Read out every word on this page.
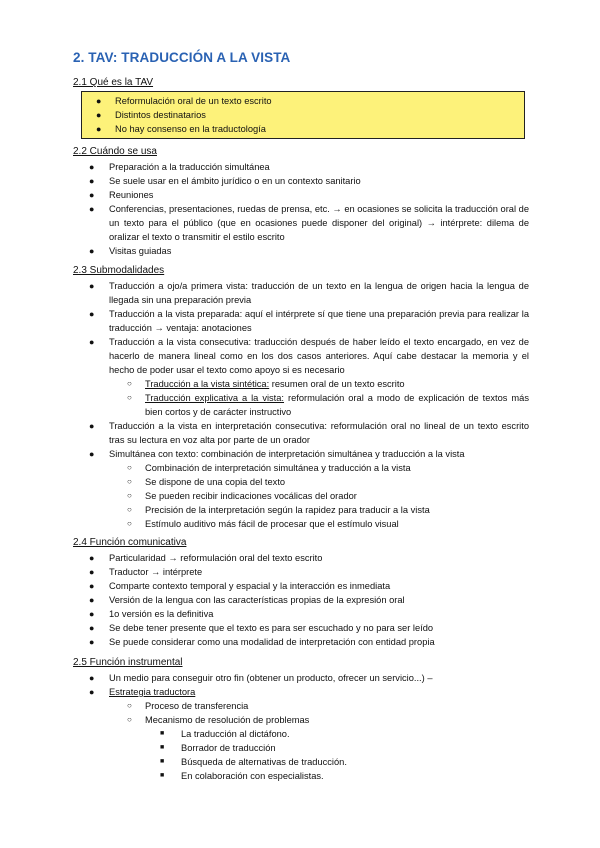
2. TAV: TRADUCCIÓN A LA VISTA
2.1 Qué es la TAV
● Reformulación oral de un texto escrito
● Distintos destinatarios
● No hay consenso en la traductología
2.2 Cuándo se usa
● Preparación a la traducción simultánea
● Se suele usar en el ámbito jurídico o en un contexto sanitario
● Reuniones
● Conferencias, presentaciones, ruedas de prensa, etc. → en ocasiones se solicita la traducción oral de un texto para el público (que en ocasiones puede disponer del original) → intérprete: dilema de oralizar el texto o transmitir el estilo escrito
● Visitas guiadas
2.3 Submodalidades
● Traducción a ojo/a primera vista: traducción de un texto en la lengua de origen hacia la lengua de llegada sin una preparación previa
● Traducción a la vista preparada: aquí el intérprete sí que tiene una preparación previa para realizar la traducción → ventaja: anotaciones
● Traducción a la vista consecutiva: traducción después de haber leído el texto encargado, en vez de hacerlo de manera lineal como en los dos casos anteriores. Aquí cabe destacar la memoria y el hecho de poder usar el texto como apoyo si es necesario
○ Traducción a la vista sintética: resumen oral de un texto escrito
○ Traducción explicativa a la vista: reformulación oral a modo de explicación de textos más bien cortos y de carácter instructivo
● Traducción a la vista en interpretación consecutiva: reformulación oral no lineal de un texto escrito tras su lectura en voz alta por parte de un orador
● Simultánea con texto: combinación de interpretación simultánea y traducción a la vista
○ Combinación de interpretación simultánea y traducción a la vista
○ Se dispone de una copia del texto
○ Se pueden recibir indicaciones vocálicas del orador
○ Precisión de la interpretación según la rapidez para traducir a la vista
○ Estímulo auditivo más fácil de procesar que el estímulo visual
2.4 Función comunicativa
● Particularidad → reformulación oral del texto escrito
● Traductor → intérprete
● Comparte contexto temporal y espacial y la interacción es inmediata
● Versión de la lengua con las características propias de la expresión oral
● 1o versión es la definitiva
● Se debe tener presente que el texto es para ser escuchado y no para ser leído
● Se puede considerar como una modalidad de interpretación con entidad propia
2.5 Función instrumental
● Un medio para conseguir otro fin (obtener un producto, ofrecer un servicio...) –
● Estrategia traductora
○ Proceso de transferencia
○ Mecanismo de resolución de problemas
■ La traducción al dictáfono.
■ Borrador de traducción
■ Búsqueda de alternativas de traducción.
■ En colaboración con especialistas.
